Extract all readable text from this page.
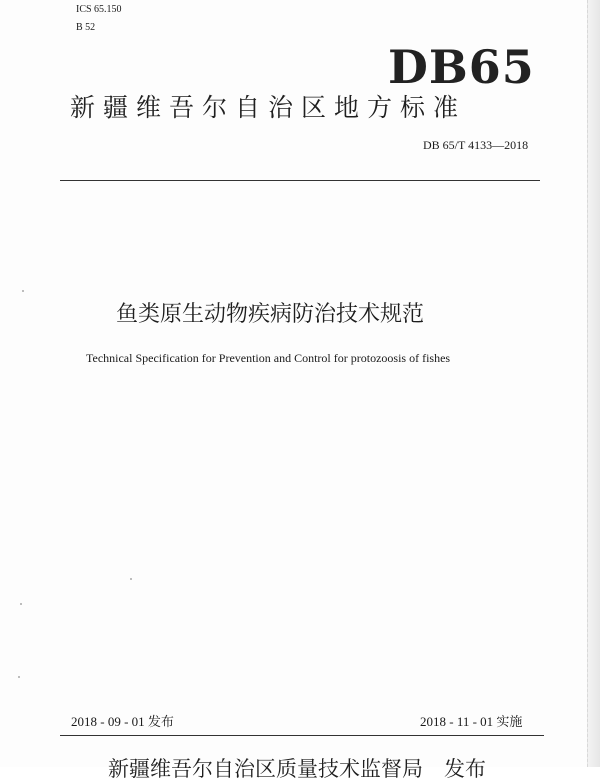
ICS 65.150
B 52
DB65
新疆维吾尔自治区地方标准
DB 65/T 4133—2018
鱼类原生动物疾病防治技术规范
Technical Specification for Prevention and Control for protozoosis of fishes
2018 - 09 - 01 发布	2018 - 11 - 01 实施
新疆维吾尔自治区质量技术监督局　发布
